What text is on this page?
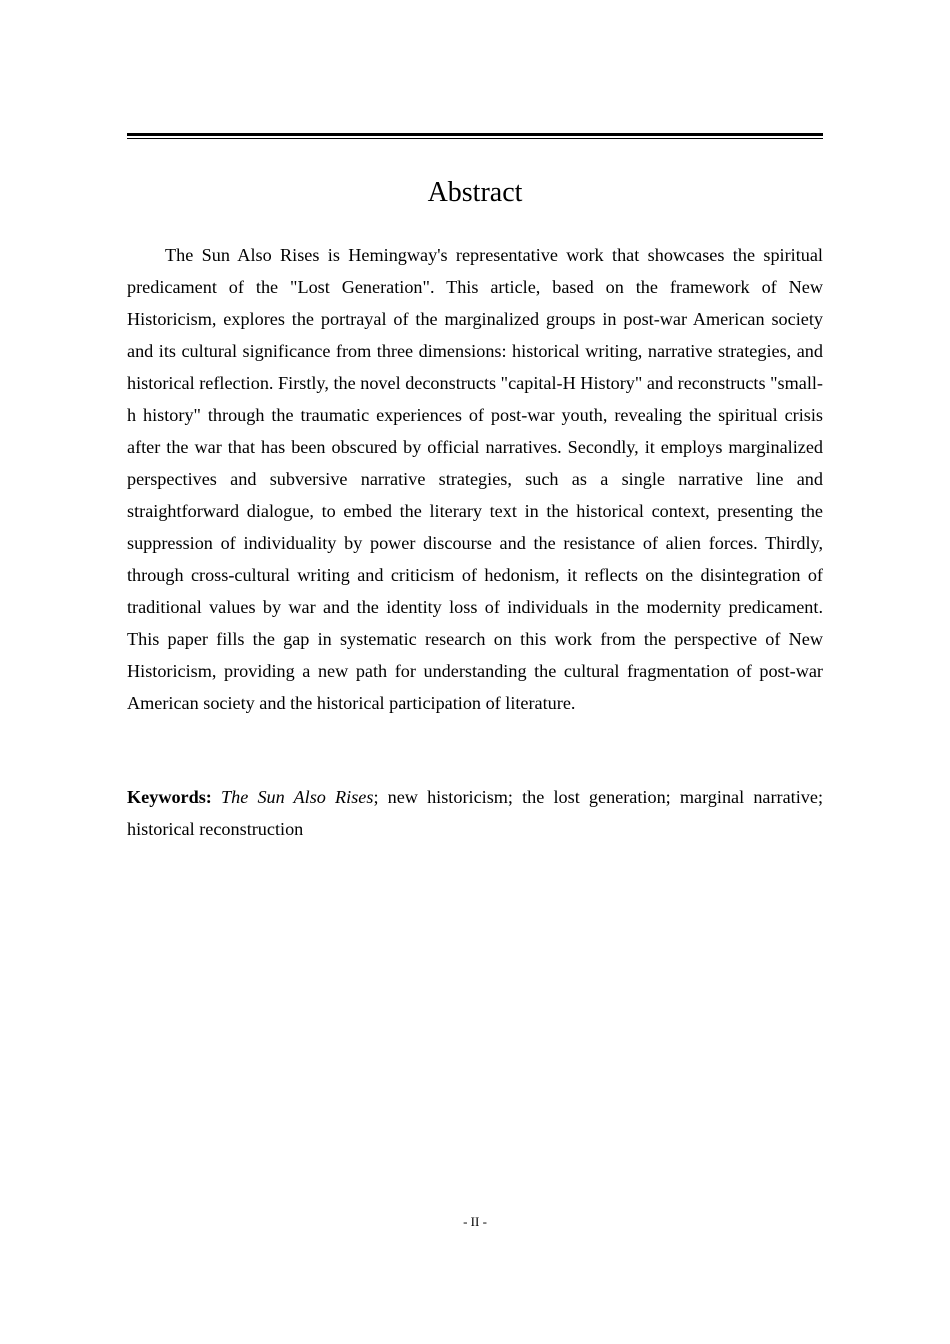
Abstract

The Sun Also Rises is Hemingway's representative work that showcases the spiritual predicament of the "Lost Generation". This article, based on the framework of New Historicism, explores the portrayal of the marginalized groups in post-war American society and its cultural significance from three dimensions: historical writing, narrative strategies, and historical reflection. Firstly, the novel deconstructs "capital-H History" and reconstructs "small-h history" through the traumatic experiences of post-war youth, revealing the spiritual crisis after the war that has been obscured by official narratives. Secondly, it employs marginalized perspectives and subversive narrative strategies, such as a single narrative line and straightforward dialogue, to embed the literary text in the historical context, presenting the suppression of individuality by power discourse and the resistance of alien forces. Thirdly, through cross-cultural writing and criticism of hedonism, it reflects on the disintegration of traditional values by war and the identity loss of individuals in the modernity predicament. This paper fills the gap in systematic research on this work from the perspective of New Historicism, providing a new path for understanding the cultural fragmentation of post-war American society and the historical participation of literature.

Keywords: The Sun Also Rises; new historicism; the lost generation; marginal narrative; historical reconstruction

- II -
